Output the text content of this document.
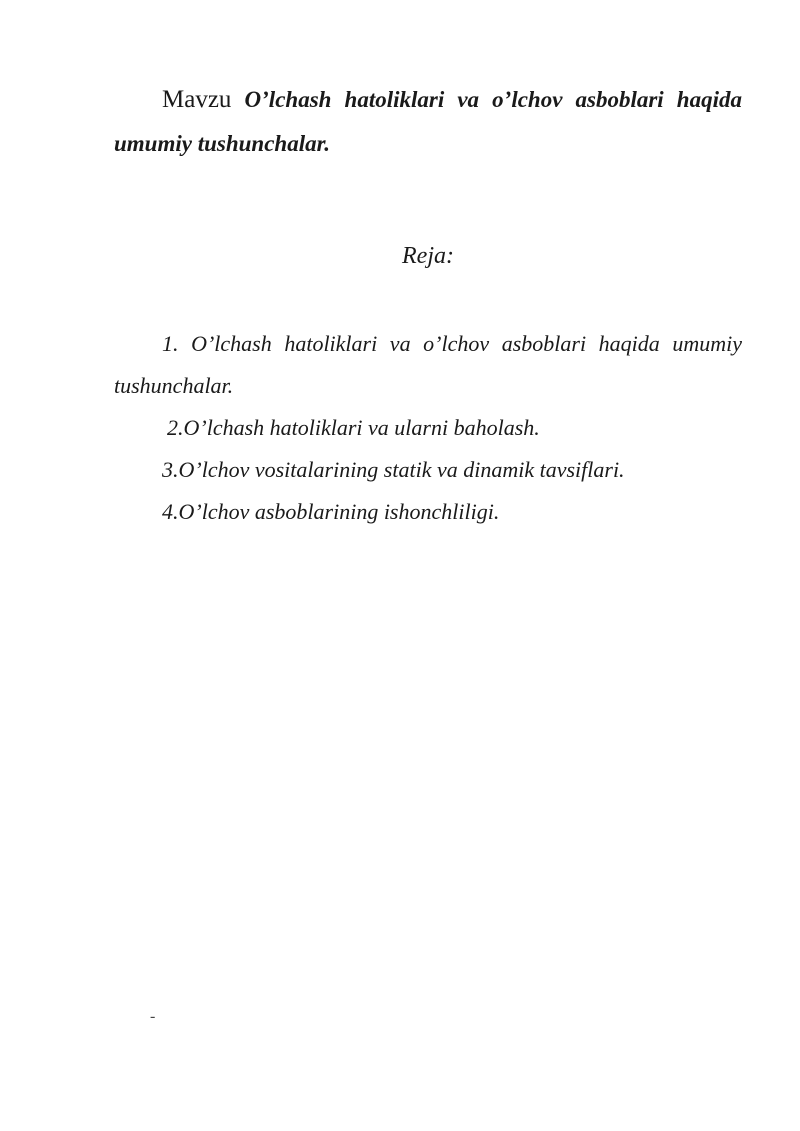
Mavzu O’lchash hatoliklari va o’lchov asboblari haqida umumiy tushunchalar.
Reja:
1. O’lchash hatoliklari va o’lchov asboblari haqida umumiy tushunchalar.
2.O’lchash hatoliklari va ularni baholash.
3.O’lchov vositalarining statik va dinamik tavsiflari.
4.O’lchov asboblarining ishonchliligi.
-
